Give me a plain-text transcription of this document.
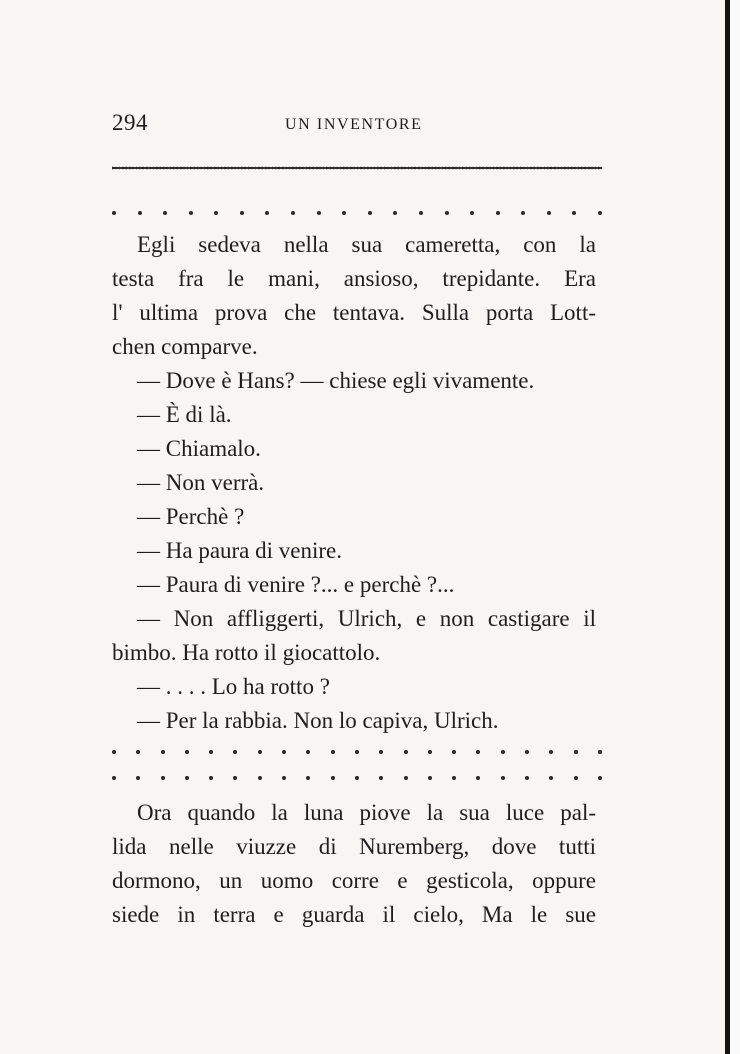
294	UN INVENTORE
Egli sedeva nella sua cameretta, con la
testa fra le mani, ansioso, trepidante. Era
l' ultima prova che tentava. Sulla porta Lott-
chen comparve.
— Dove è Hans? — chiese egli vivamente.
— È di là.
— Chiamalo.
— Non verrà.
— Perchè ?
— Ha paura di venire.
— Paura di venire ?... e perchè ?...
— Non affliggerti, Ulrich, e non castigare il
bimbo. Ha rotto il giocattolo.
— . . . . Lo ha rotto ?
— Per la rabbia. Non lo capiva, Ulrich.
Ora quando la luna piove la sua luce pal-
lida nelle viuzze di Nuremberg, dove tutti
dormono, un uomo corre e gesticola, oppure
siede in terra e guarda il cielo, Ma le sue
